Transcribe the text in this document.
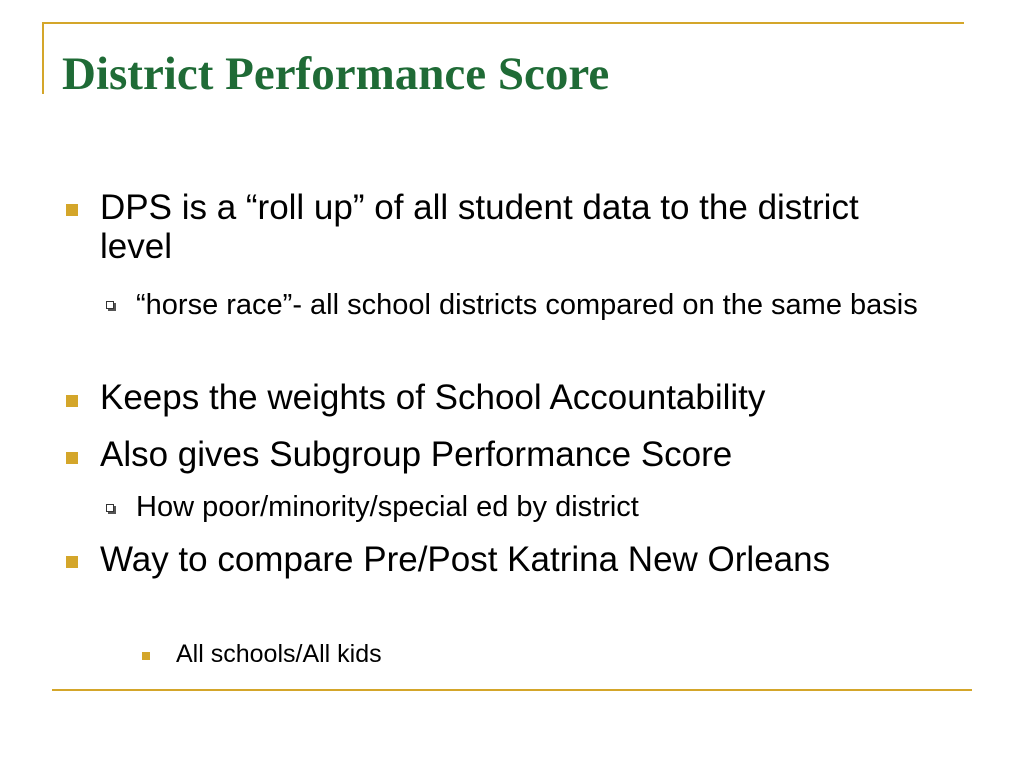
District Performance Score
DPS is a “roll up” of all student data to the district level
“horse race”- all school districts compared on the same basis
Keeps the weights of School Accountability
Also gives Subgroup Performance Score
How poor/minority/special ed by district
Way to compare Pre/Post Katrina New Orleans
All schools/All kids
